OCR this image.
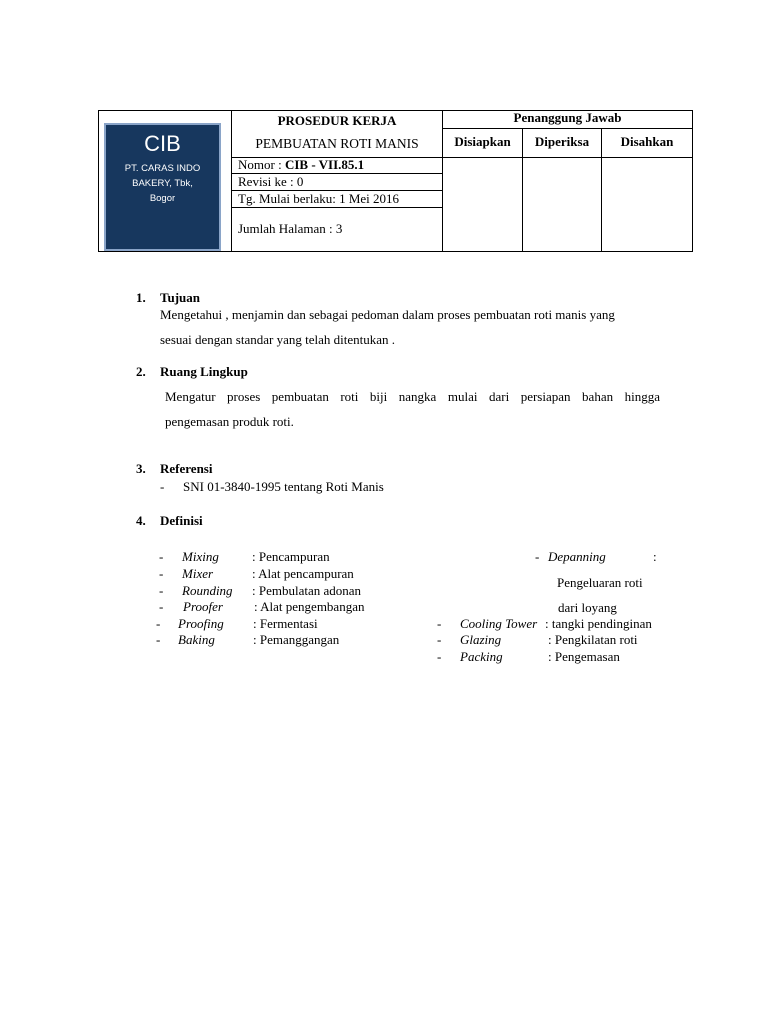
CIB
PT. CARAS INDO
BAKERY, Tbk,
Bogor
PROSEDUR KERJA
PEMBUATAN ROTI MANIS
Nomor : CIB - VII.85.1
Revisi ke : 0
Tg. Mulai berlaku: 1 Mei 2016
Jumlah Halaman : 3
Penanggung Jawab
Disiapkan	Diperiksa	Disahkan
1. Tujuan
Mengetahui , menjamin dan sebagai pedoman dalam proses pembuatan roti manis yang
sesuai dengan standar yang telah ditentukan .
2. Ruang Lingkup
Mengatur proses pembuatan roti biji nangka mulai dari persiapan bahan hingga
pengemasan produk roti.
3. Referensi
- SNI 01-3840-1995 tentang Roti Manis
4. Definisi
- Mixing	: Pencampuran
- Mixer	: Alat pencampuran
- Rounding : Pembulatan adonan
- Proofer : Alat pengembangan
- Proofing : Fermentasi
- Baking	: Pemanggangan
- Depanning	:
Pengeluaran roti
dari loyang
- Cooling Tower : tangki pendinginan
- Glazing	: Pengkilatan roti
- Packing	: Pengemasan
